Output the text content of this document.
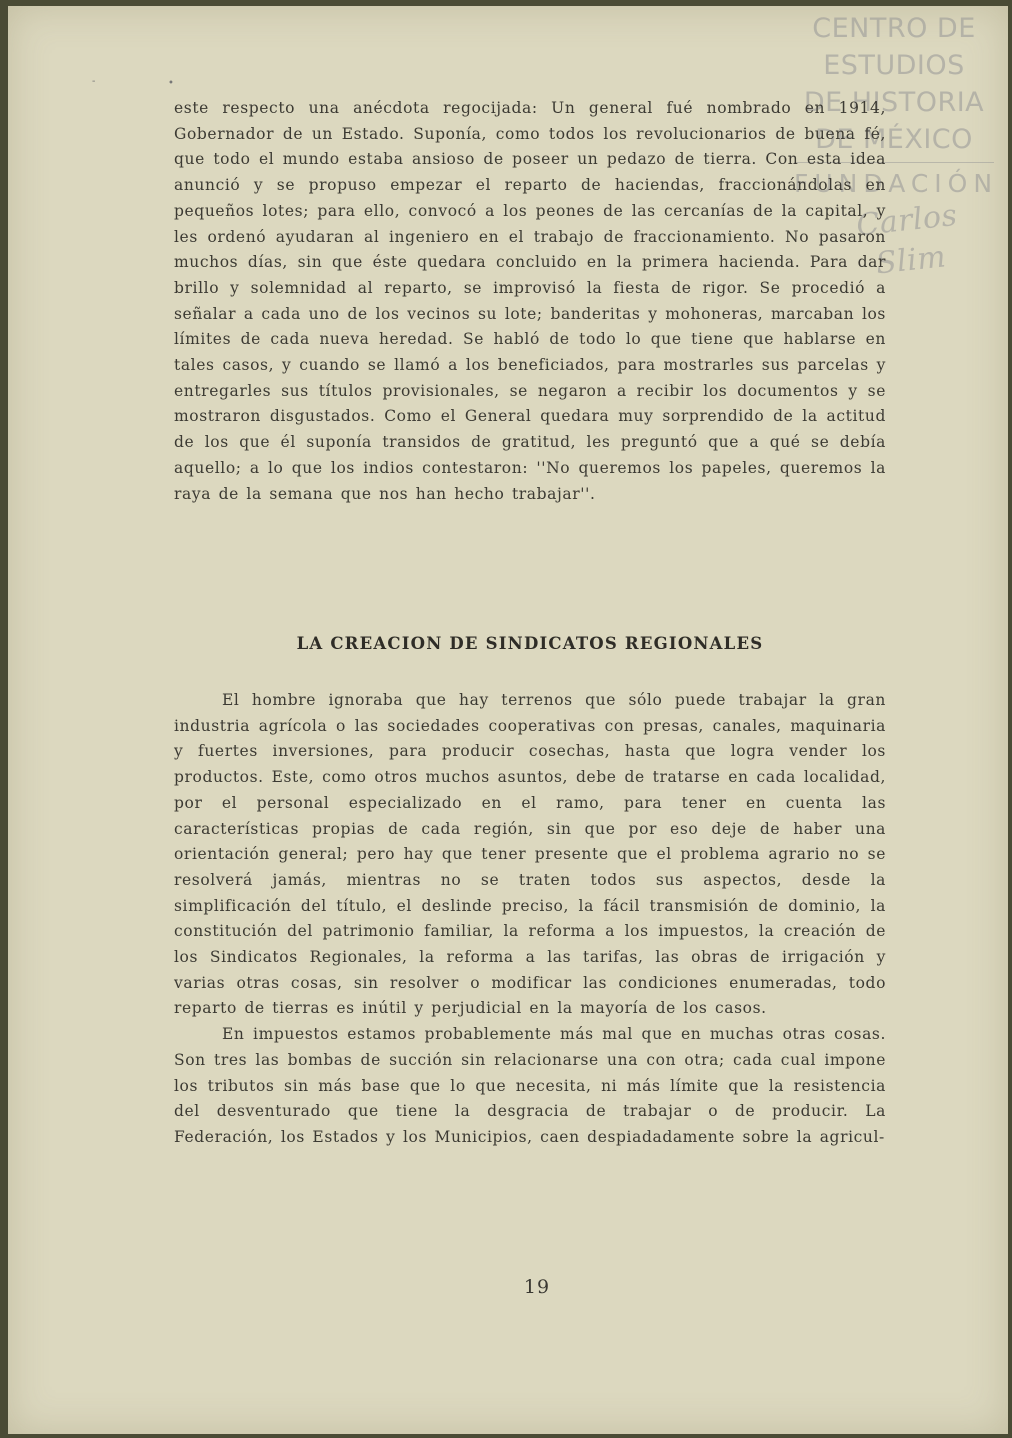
CENTRO DE
ESTUDIOS
DE HISTORIA
DE MÉXICO
FUNDACIÓN
Carlos Slim
-	•

este respecto una anécdota regocijada: Un general fué nombrado en 1914, Gobernador de un Estado. Suponía, como todos los revolucionarios de buena fé, que todo el mundo estaba ansioso de poseer un pedazo de tierra. Con esta idea anunció y se propuso empezar el reparto de haciendas, fraccionándolas en pequeños lotes; para ello, convocó a los peones de las cercanías de la capital, y les ordenó ayudaran al ingeniero en el trabajo de fraccionamiento. No pasaron muchos días, sin que éste quedara concluido en la primera hacienda. Para dar brillo y solemnidad al reparto, se improvisó la fiesta de rigor. Se procedió a señalar a cada uno de los vecinos su lote; banderitas y mohoneras, marcaban los límites de cada nueva heredad. Se habló de todo lo que tiene que hablarse en tales casos, y cuando se llamó a los beneficiados, para mostrarles sus parcelas y entregarles sus títulos provisionales, se negaron a recibir los documentos y se mostraron disgustados. Como el General quedara muy sorprendido de la actitud de los que él suponía transidos de gratitud, les preguntó que a qué se debía aquello; a lo que los indios contestaron: ''No queremos los papeles, queremos la raya de la semana que nos han hecho trabajar''.

LA CREACION DE SINDICATOS REGIONALES

El hombre ignoraba que hay terrenos que sólo puede trabajar la gran industria agrícola o las sociedades cooperativas con presas, canales, maquinaria y fuertes inversiones, para producir cosechas, hasta que logra vender los productos. Este, como otros muchos asuntos, debe de tratarse en cada localidad, por el personal especializado en el ramo, para tener en cuenta las características propias de cada región, sin que por eso deje de haber una orientación general; pero hay que tener presente que el problema agrario no se resolverá jamás, mientras no se traten todos sus aspectos, desde la simplificación del título, el deslinde preciso, la fácil transmisión de dominio, la constitución del patrimonio familiar, la reforma a los impuestos, la creación de los Sindicatos Regionales, la reforma a las tarifas, las obras de irrigación y varias otras cosas, sin resolver o modificar las condiciones enumeradas, todo reparto de tierras es inútil y perjudicial en la mayoría de los casos.

En impuestos estamos probablemente más mal que en muchas otras cosas. Son tres las bombas de succión sin relacionarse una con otra; cada cual impone los tributos sin más base que lo que necesita, ni más límite que la resistencia del desventurado que tiene la desgracia de trabajar o de producir. La Federación, los Estados y los Municipios, caen despiadadamente sobre la agricul-

19
